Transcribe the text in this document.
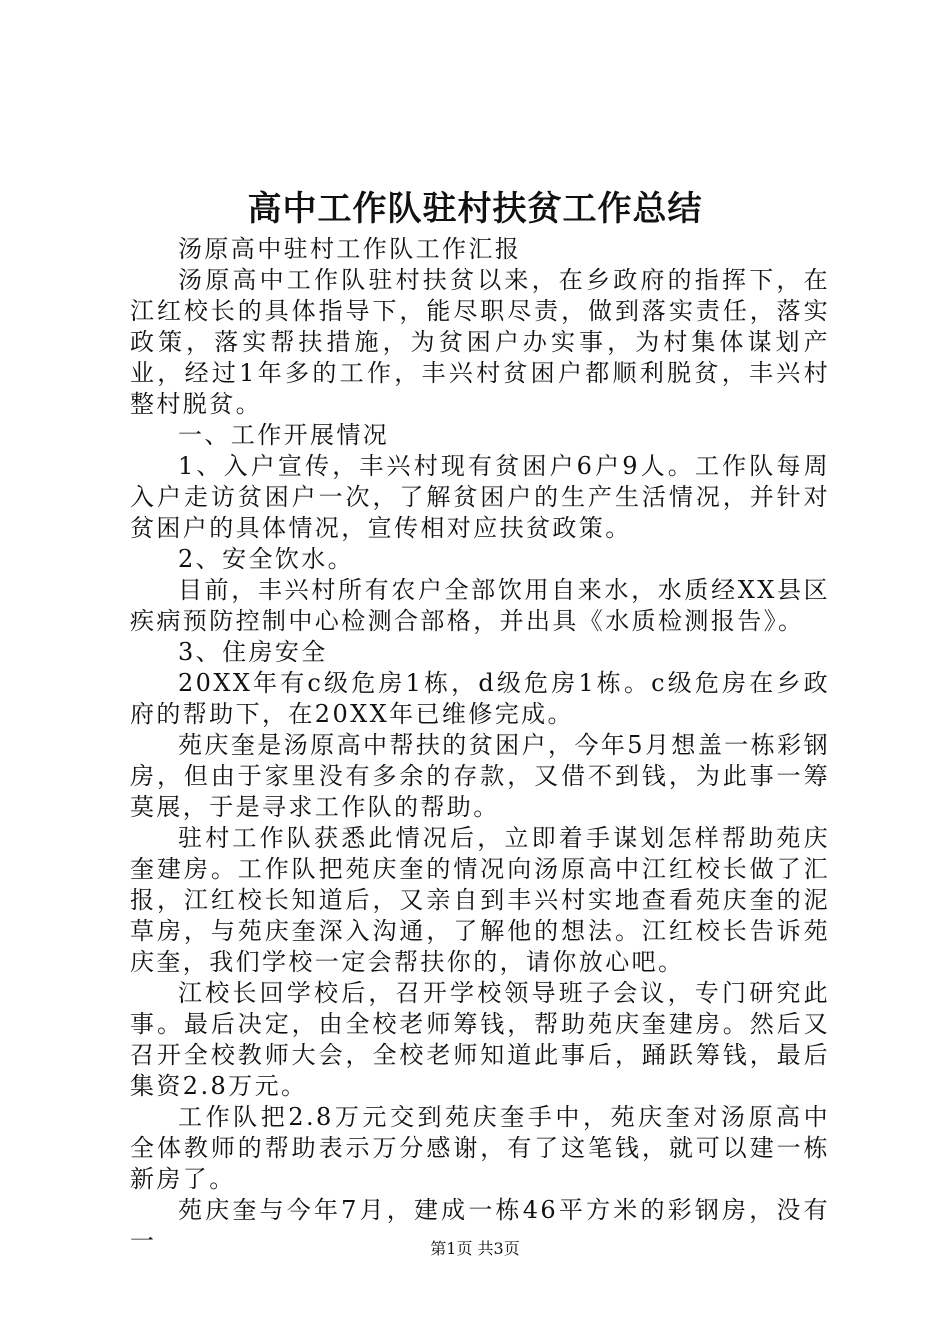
高中工作队驻村扶贫工作总结

汤原高中驻村工作队工作汇报

汤原高中工作队驻村扶贫以来，在乡政府的指挥下，在江红校长的具体指导下，能尽职尽责，做到落实责任，落实政策，落实帮扶措施，为贫困户办实事，为村集体谋划产业，经过1年多的工作，丰兴村贫困户都顺利脱贫，丰兴村整村脱贫。

一、工作开展情况

1、入户宣传，丰兴村现有贫困户6户9人。工作队每周入户走访贫困户一次，了解贫困户的生产生活情况，并针对贫困户的具体情况，宣传相对应扶贫政策。

2、安全饮水。

目前，丰兴村所有农户全部饮用自来水，水质经XX县区疾病预防控制中心检测合部格，并出具《水质检测报告》。

3、住房安全

20XX年有c级危房1栋，d级危房1栋。c级危房在乡政府的帮助下，在20XX年已维修完成。

苑庆奎是汤原高中帮扶的贫困户，今年5月想盖一栋彩钢房，但由于家里没有多余的存款，又借不到钱，为此事一筹莫展，于是寻求工作队的帮助。

驻村工作队获悉此情况后，立即着手谋划怎样帮助苑庆奎建房。工作队把苑庆奎的情况向汤原高中江红校长做了汇报，江红校长知道后，又亲自到丰兴村实地查看苑庆奎的泥草房，与苑庆奎深入沟通，了解他的想法。江红校长告诉苑庆奎，我们学校一定会帮扶你的，请你放心吧。

江校长回学校后，召开学校领导班子会议，专门研究此事。最后决定，由全校老师筹钱，帮助苑庆奎建房。然后又召开全校教师大会，全校老师知道此事后，踊跃筹钱，最后集资2.8万元。

工作队把2.8万元交到苑庆奎手中，苑庆奎对汤原高中全体教师的帮助表示万分感谢，有了这笔钱，就可以建一栋新房了。

苑庆奎与今年7月，建成一栋46平方米的彩钢房，没有一	第1页 共3页
